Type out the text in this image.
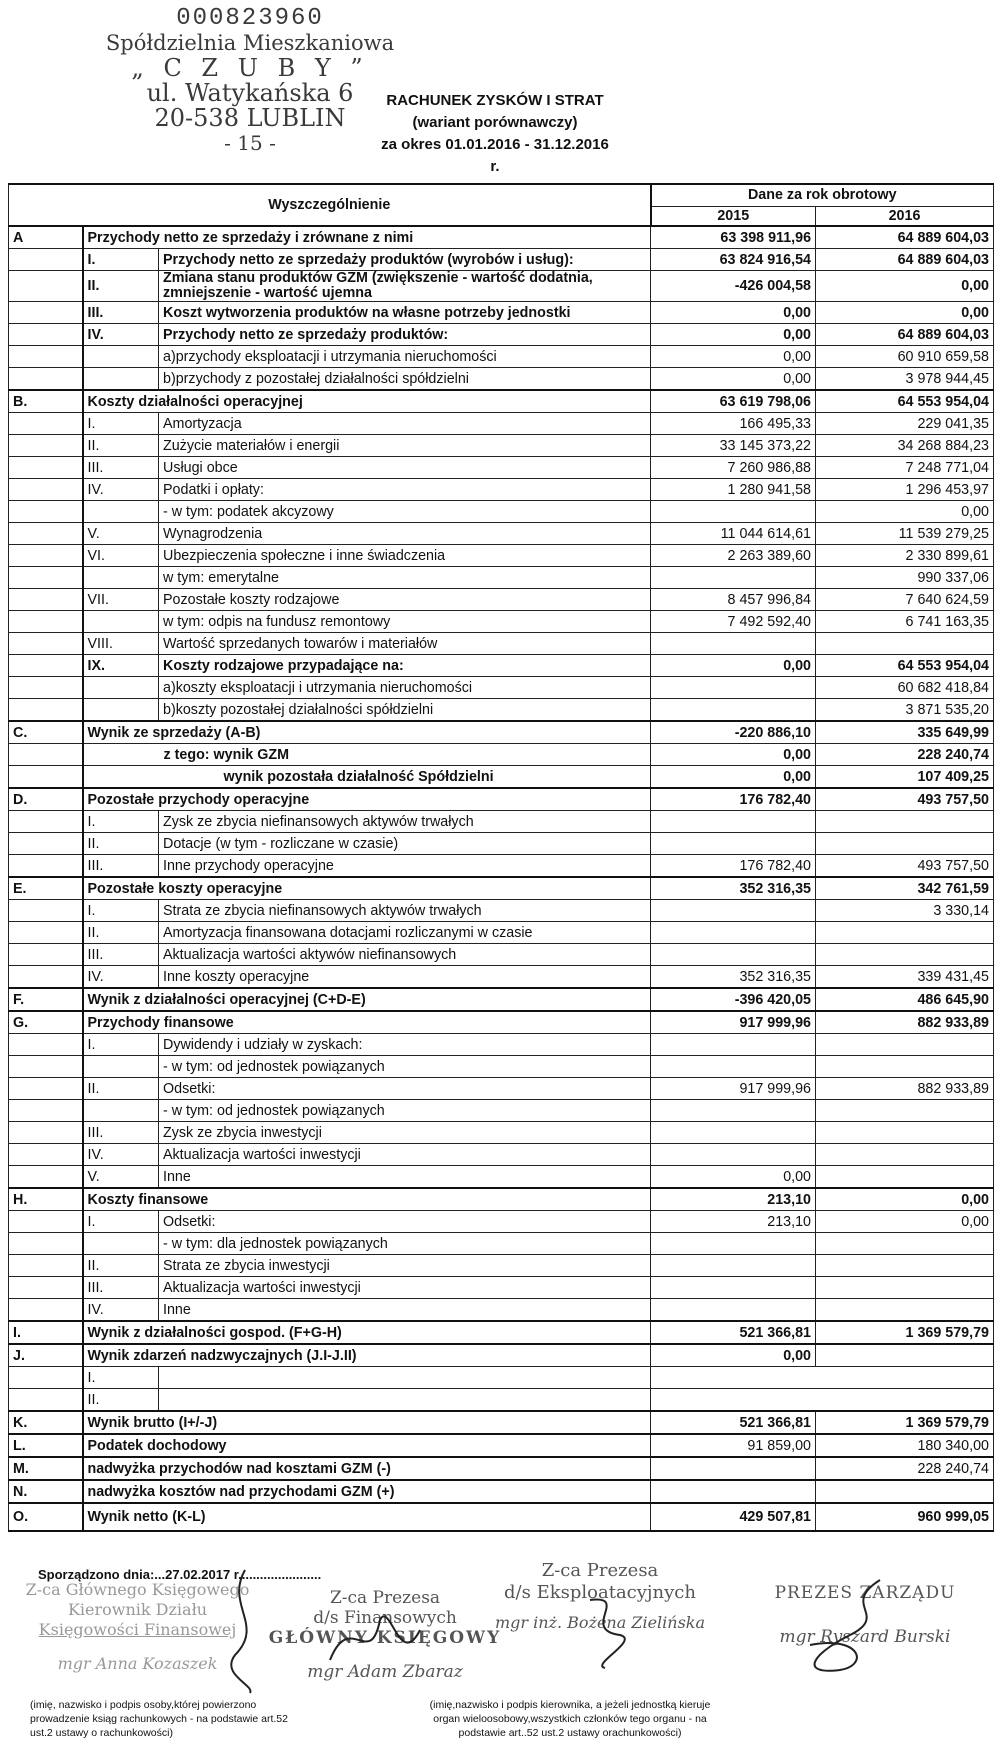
000823960
Spółdzielnia Mieszkaniowa
„ C Z U B Y ”
ul. Watykańska 6
20-538 LUBLIN
- 15 -
RACHUNEK ZYSKÓW I STRAT
(wariant porównawczy)
za okres 01.01.2016 - 31.12.2016 r.
Wyszczególnienie			Dane za rok obrotowy	
			2015	2016
A	Przychody netto ze sprzedaży i zrównane z nimi		63 398 911,96	64 889 604,03
	I.	Przychody netto ze sprzedaży produktów (wyrobów i usług):	63 824 916,54	64 889 604,03
	II.	Zmiana stanu produktów GZM (zwiększenie - wartość dodatnia, zmniejszenie - wartość ujemna	-426 004,58	0,00
	III.	Koszt wytworzenia produktów na własne potrzeby jednostki	0,00	0,00
	IV.	Przychody netto ze sprzedaży produktów:	0,00	64 889 604,03
		a)przychody eksploatacji i utrzymania nieruchomości	0,00	60 910 659,58
		b)przychody z pozostałej działalności spółdzielni	0,00	3 978 944,45
B.	Koszty działalności operacyjnej		63 619 798,06	64 553 954,04
	I.	Amortyzacja	166 495,33	229 041,35
	II.	Zużycie materiałów i energii	33 145 373,22	34 268 884,23
	III.	Usługi obce	7 260 986,88	7 248 771,04
	IV.	Podatki i opłaty:	1 280 941,58	1 296 453,97
		- w tym: podatek akcyzowy		0,00
	V.	Wynagrodzenia	11 044 614,61	11 539 279,25
	VI.	Ubezpieczenia społeczne i inne świadczenia	2 263 389,60	2 330 899,61
		w tym: emerytalne		990 337,06
	VII.	Pozostałe koszty rodzajowe	8 457 996,84	7 640 624,59
		w tym: odpis na fundusz remontowy	7 492 592,40	6 741 163,35
	VIII.	Wartość sprzedanych towarów i materiałów		
	IX.	Koszty rodzajowe przypadające na:	0,00	64 553 954,04
		a)koszty eksploatacji i utrzymania nieruchomości		60 682 418,84
		b)koszty pozostałej działalności spółdzielni		3 871 535,20
C.	Wynik ze sprzedaży (A-B)		-220 886,10	335 649,99
	z tego: wynik GZM		0,00	228 240,74
	wynik pozostała działalność Spółdzielni		0,00	107 409,25
D.	Pozostałe przychody operacyjne		176 782,40	493 757,50
	I.	Zysk ze zbycia niefinansowych aktywów trwałych		
	II.	Dotacje (w tym - rozliczane w czasie)		
	III.	Inne przychody operacyjne	176 782,40	493 757,50
E.	Pozostałe koszty operacyjne		352 316,35	342 761,59
	I.	Strata ze zbycia niefinansowych aktywów trwałych		3 330,14
	II.	Amortyzacja finansowana dotacjami rozliczanymi w czasie		
	III.	Aktualizacja wartości aktywów niefinansowych		
	IV.	Inne koszty operacyjne	352 316,35	339 431,45
F.	Wynik z działalności operacyjnej (C+D-E)		-396 420,05	486 645,90
G.	Przychody finansowe		917 999,96	882 933,89
	I.	Dywidendy i udziały w zyskach:		
		- w tym: od jednostek powiązanych		
	II.	Odsetki:	917 999,96	882 933,89
		- w tym: od jednostek powiązanych		
	III.	Zysk ze zbycia inwestycji		
	IV.	Aktualizacja wartości inwestycji		
	V.	Inne	0,00	
H.	Koszty finansowe		213,10	0,00
	I.	Odsetki:	213,10	0,00
		- w tym: dla jednostek powiązanych		
	II.	Strata ze zbycia inwestycji		
	III.	Aktualizacja wartości inwestycji		
	IV.	Inne		
I.	Wynik z działalności gospod. (F+G-H)		521 366,81	1 369 579,79
J.	Wynik zdarzeń nadzwyczajnych (J.I-J.II)		0,00	
	I.			
	II.			
K.	Wynik brutto (I+/-J)		521 366,81	1 369 579,79
L.	Podatek dochodowy		91 859,00	180 340,00
M.	nadwyżka przychodów nad kosztami GZM (-)			228 240,74
N.	nadwyżka kosztów nad przychodami GZM (+)			
O.	Wynik netto (K-L)		429 507,81	960 999,05
Sporządzono dnia:...27.02.2017 r.......................
Z-ca Głównego Księgowego
Kierownik Działu
Księgowości Finansowej
mgr Anna Kozaszek
Z-ca Prezesa
d/s Finansowych
GŁÓWNY KSIĘGOWY
mgr Adam Zbaraz
Z-ca Prezesa
d/s Eksploatacyjnych
mgr inż. Bożena Zielińska
PREZES ZARZĄDU
mgr Ryszard Burski
(imię, nazwisko i podpis osoby,której powierzono prowadzenie ksiąg rachunkowych - na podstawie art.52 ust.2 ustawy o rachunkowości)
(imię,nazwisko i podpis kierownika, a jeżeli jednostką kieruje organ wieloosobowy,wszystkich członków tego organu - na podstawie art..52 ust.2 ustawy orachunkowości)
